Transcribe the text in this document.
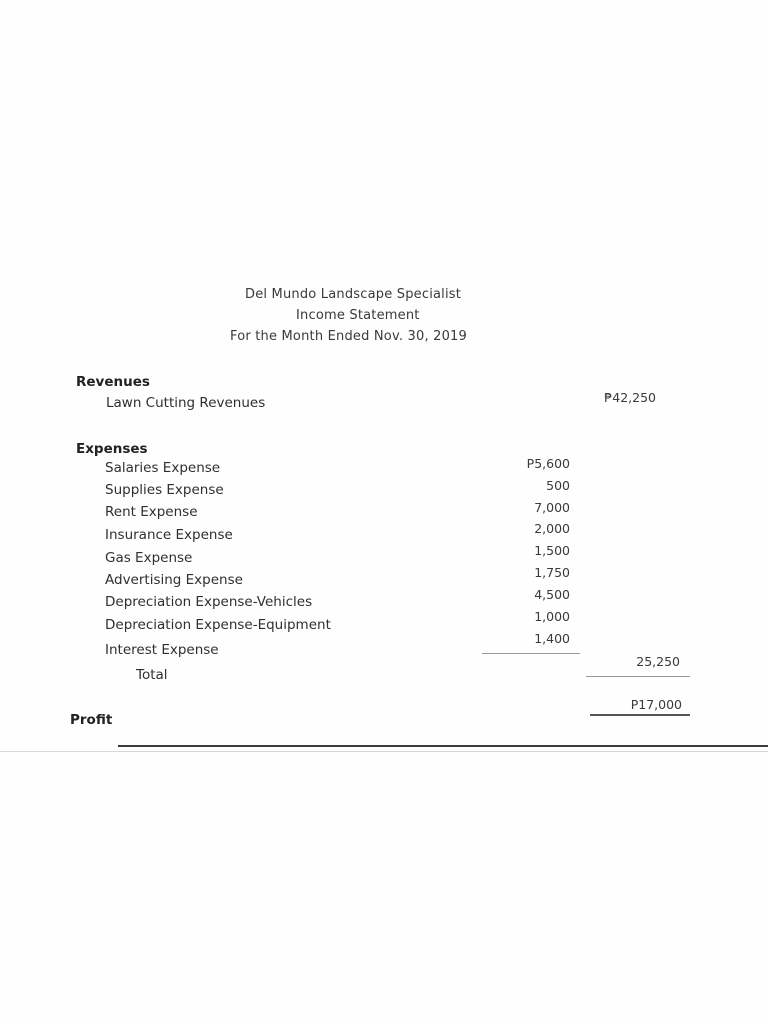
Del Mundo Landscape Specialist
Income Statement
For the Month Ended Nov. 30, 2019
Revenues
Lawn Cutting Revenues	₱42,250
Expenses
Salaries Expense
Supplies Expense
Rent Expense
Insurance Expense
Gas Expense
Advertising Expense
Depreciation Expense-Vehicles
Depreciation Expense-Equipment
Interest Expense
P5,600
500
7,000
2,000
1,500
1,750
4,500
1,000
1,400
Total
25,250
Profit
P17,000
